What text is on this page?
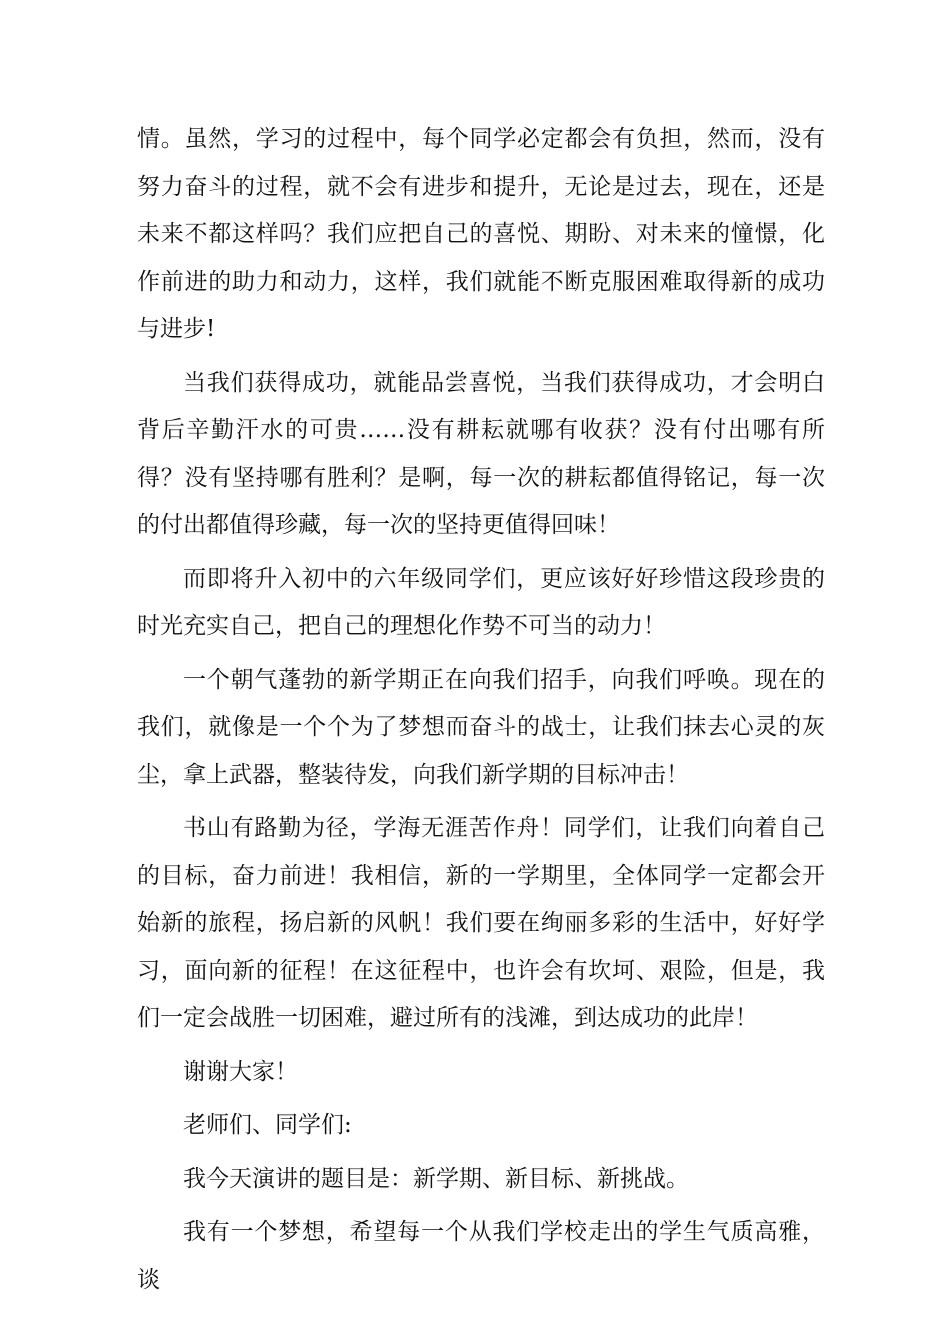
情。虽然，学习的过程中，每个同学必定都会有负担，然而，没有努力奋斗的过程，就不会有进步和提升，无论是过去，现在，还是未来不都这样吗？我们应把自己的喜悦、期盼、对未来的憧憬，化作前进的助力和动力，这样，我们就能不断克服困难取得新的成功与进步!

当我们获得成功，就能品尝喜悦，当我们获得成功，才会明白背后辛勤汗水的可贵……没有耕耘就哪有收获？没有付出哪有所得？没有坚持哪有胜利？是啊，每一次的耕耘都值得铭记，每一次的付出都值得珍藏，每一次的坚持更值得回味！

而即将升入初中的六年级同学们，更应该好好珍惜这段珍贵的时光充实自己，把自己的理想化作势不可当的动力！

一个朝气蓬勃的新学期正在向我们招手，向我们呼唤。现在的我们，就像是一个个为了梦想而奋斗的战士，让我们抹去心灵的灰尘，拿上武器，整装待发，向我们新学期的目标冲击！

书山有路勤为径，学海无涯苦作舟！同学们，让我们向着自己的目标，奋力前进！我相信，新的一学期里，全体同学一定都会开始新的旅程，扬启新的风帆！我们要在绚丽多彩的生活中，好好学习，面向新的征程！在这征程中，也许会有坎坷、艰险，但是，我们一定会战胜一切困难，避过所有的浅滩，到达成功的此岸！

谢谢大家！

老师们、同学们:

我今天演讲的题目是：新学期、新目标、新挑战。

我有一个梦想，希望每一个从我们学校走出的学生气质高雅，谈
